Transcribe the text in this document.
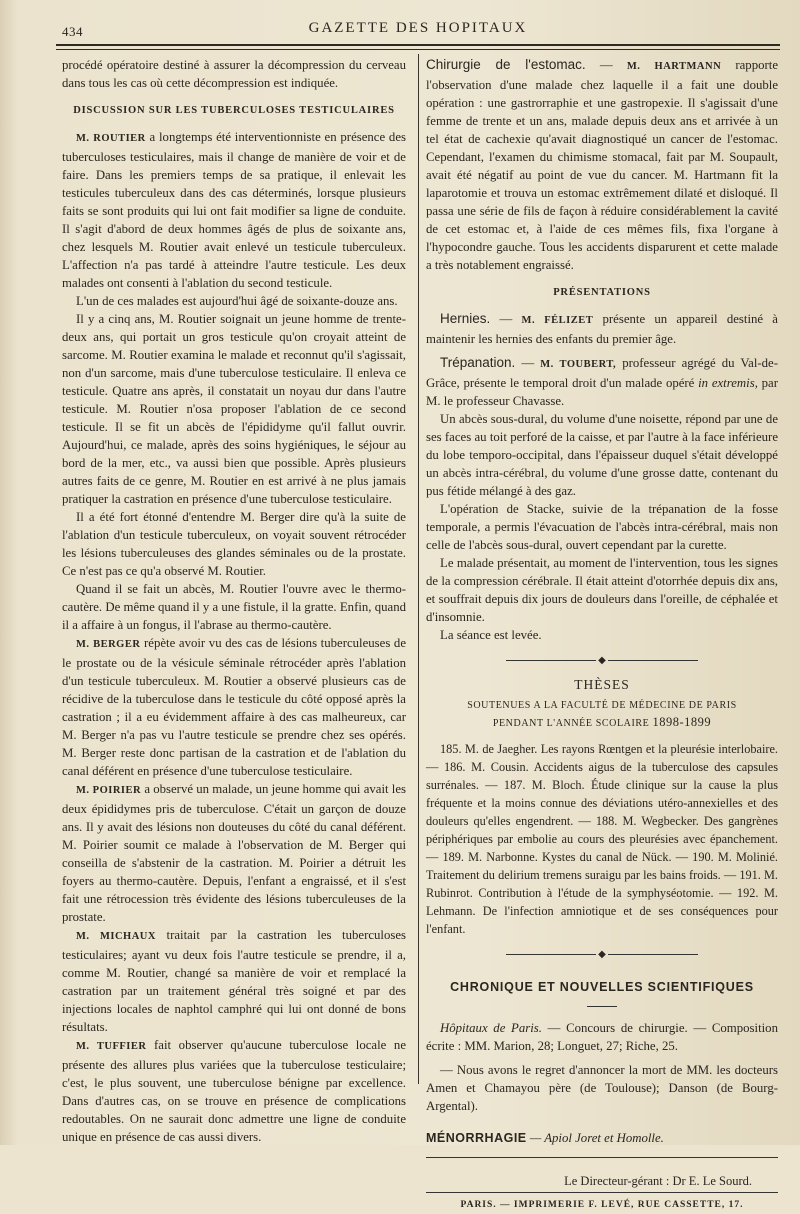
434	GAZETTE DES HOPITAUX

procédé opératoire destiné à assurer la décompression du cerveau dans tous les cas où cette décompression est indiquée.

DISCUSSION SUR LES TUBERCULOSES TESTICULAIRES

M. ROUTIER a longtemps été interventionniste en présence des tuberculoses testiculaires, mais il change de manière de voir et de faire. Dans les premiers temps de sa pratique, il enlevait les testicules tuberculeux dans des cas déterminés, lorsque plusieurs faits se sont produits qui lui ont fait modifier sa ligne de conduite. Il s'agit d'abord de deux hommes âgés de plus de soixante ans, chez lesquels M. Routier avait enlevé un testicule tuberculeux. L'affection n'a pas tardé à atteindre l'autre testicule. Les deux malades ont consenti à l'ablation du second testicule.

L'un de ces malades est aujourd'hui âgé de soixante-douze ans.

Il y a cinq ans, M. Routier soignait un jeune homme de trente-deux ans, qui portait un gros testicule qu'on croyait atteint de sarcome. M. Routier examina le malade et reconnut qu'il s'agissait, non d'un sarcome, mais d'une tuberculose testiculaire. Il enleva ce testicule. Quatre ans après, il constatait un noyau dur dans l'autre testicule. M. Routier n'osa proposer l'ablation de ce second testicule. Il se fit un abcès de l'épididyme qu'il fallut ouvrir. Aujourd'hui, ce malade, après des soins hygiéniques, le séjour au bord de la mer, etc., va aussi bien que possible. Après plusieurs autres faits de ce genre, M. Routier en est arrivé à ne plus jamais pratiquer la castration en présence d'une tuberculose testiculaire.

Il a été fort étonné d'entendre M. Berger dire qu'à la suite de l'ablation d'un testicule tuberculeux, on voyait souvent rétrocéder les lésions tuberculeuses des glandes séminales ou de la prostate. Ce n'est pas ce qu'a observé M. Routier.

Quand il se fait un abcès, M. Routier l'ouvre avec le thermo-cautère. De même quand il y a une fistule, il la gratte. Enfin, quand il a affaire à un fongus, il l'abrase au thermo-cautère.

M. BERGER répète avoir vu des cas de lésions tuberculeuses de le prostate ou de la vésicule séminale rétrocéder après l'ablation d'un testicule tuberculeux. M. Routier a observé plusieurs cas de récidive de la tuberculose dans le testicule du côté opposé après la castration ; il a eu évidemment affaire à des cas malheureux, car M. Berger n'a pas vu l'autre testicule se prendre chez ses opérés. M. Berger reste donc partisan de la castration et de l'ablation du canal déférent en présence d'une tuberculose testiculaire.

M. POIRIER a observé un malade, un jeune homme qui avait les deux épididymes pris de tuberculose. C'était un garçon de douze ans. Il y avait des lésions non douteuses du côté du canal déférent. M. Poirier soumit ce malade à l'observation de M. Berger qui conseilla de s'abstenir de la castration. M. Poirier a détruit les foyers au thermo-cautère. Depuis, l'enfant a engraissé, et il s'est fait une rétrocession très évidente des lésions tuberculeuses de la prostate.

M. MICHAUX traitait par la castration les tuberculoses testiculaires; ayant vu deux fois l'autre testicule se prendre, il a, comme M. Routier, changé sa manière de voir et remplacé la castration par un traitement général très soigné et par des injections locales de naphtol camphré qui lui ont donné de bons résultats.

M. TUFFIER fait observer qu'aucune tuberculose locale ne présente des allures plus variées que la tuberculose testiculaire; c'est, le plus souvent, une tuberculose bénigne par excellence. Dans d'autres cas, on se trouve en présence de complications redoutables. On ne saurait donc admettre une ligne de conduite unique en présence de cas aussi divers.

Chirurgie de l'estomac. — M. HARTMANN rapporte l'observation d'une malade chez laquelle il a fait une double opération : une gastrorraphie et une gastropexie. Il s'agissait d'une femme de trente et un ans, malade depuis deux ans et arrivée à un tel état de cachexie qu'avait diagnostiqué un cancer de l'estomac. Cependant, l'examen du chimisme stomacal, fait par M. Soupault, avait été négatif au point de vue du cancer. M. Hartmann fit la laparotomie et trouva un estomac extrêmement dilaté et disloqué. Il passa une série de fils de façon à réduire considérablement la cavité de cet estomac et, à l'aide de ces mêmes fils, fixa l'organe à l'hypocondre gauche. Tous les accidents disparurent et cette malade a très notablement engraissé.

PRÉSENTATIONS

Hernies. — M. FÉLIZET présente un appareil destiné à maintenir les hernies des enfants du premier âge.

Trépanation. — M. TOUBERT, professeur agrégé du Val-de-Grâce, présente le temporal droit d'un malade opéré in extremis, par M. le professeur Chavasse.

Un abcès sous-dural, du volume d'une noisette, répond par une de ses faces au toit perforé de la caisse, et par l'autre à la face inférieure du lobe temporo-occipital, dans l'épaisseur duquel s'était développé un abcès intra-cérébral, du volume d'une grosse datte, contenant du pus fétide mélangé à des gaz.

L'opération de Stacke, suivie de la trépanation de la fosse temporale, a permis l'évacuation de l'abcès intra-cérébral, mais non celle de l'abcès sous-dural, ouvert cependant par la curette.

Le malade présentait, au moment de l'intervention, tous les signes de la compression cérébrale. Il était atteint d'otorrhée depuis dix ans, et souffrait depuis dix jours de douleurs dans l'oreille, de céphalée et d'insomnie.

La séance est levée.

◆
THÈSES
SOUTENUES A LA FACULTÉ DE MÉDECINE DE PARIS
PENDANT L'ANNÉE SCOLAIRE 1898-1899

185. M. de Jaegher. Les rayons Rœntgen et la pleurésie interlobaire. — 186. M. Cousin. Accidents aigus de la tuberculose des capsules surrénales. — 187. M. Bloch. Étude clinique sur la cause la plus fréquente et la moins connue des déviations utéro-annexielles et des douleurs qu'elles engendrent. — 188. M. Wegbecker. Des gangrènes périphériques par embolie au cours des pleurésies avec épanchement. — 189. M. Narbonne. Kystes du canal de Nück. — 190. M. Molinié. Traitement du delirium tremens suraigu par les bains froids. — 191. M. Rubinrot. Contribution à l'étude de la symphyséotomie. — 192. M. Lehmann. De l'infection amniotique et de ses conséquences pour l'enfant.

◆
CHRONIQUE ET NOUVELLES SCIENTIFIQUES

Hôpitaux de Paris. — Concours de chirurgie. — Composition écrite : MM. Marion, 28; Longuet, 27; Riche, 25.

— Nous avons le regret d'annoncer la mort de MM. les docteurs Amen et Chamayou père (de Toulouse); Danson (de Bourg-Argental).

MÉNORRHAGIE — Apiol Joret et Homolle.

Le Directeur-gérant : Dr E. Le Sourd.
PARIS. — IMPRIMERIE F. LEVÉ, RUE CASSETTE, 17.
